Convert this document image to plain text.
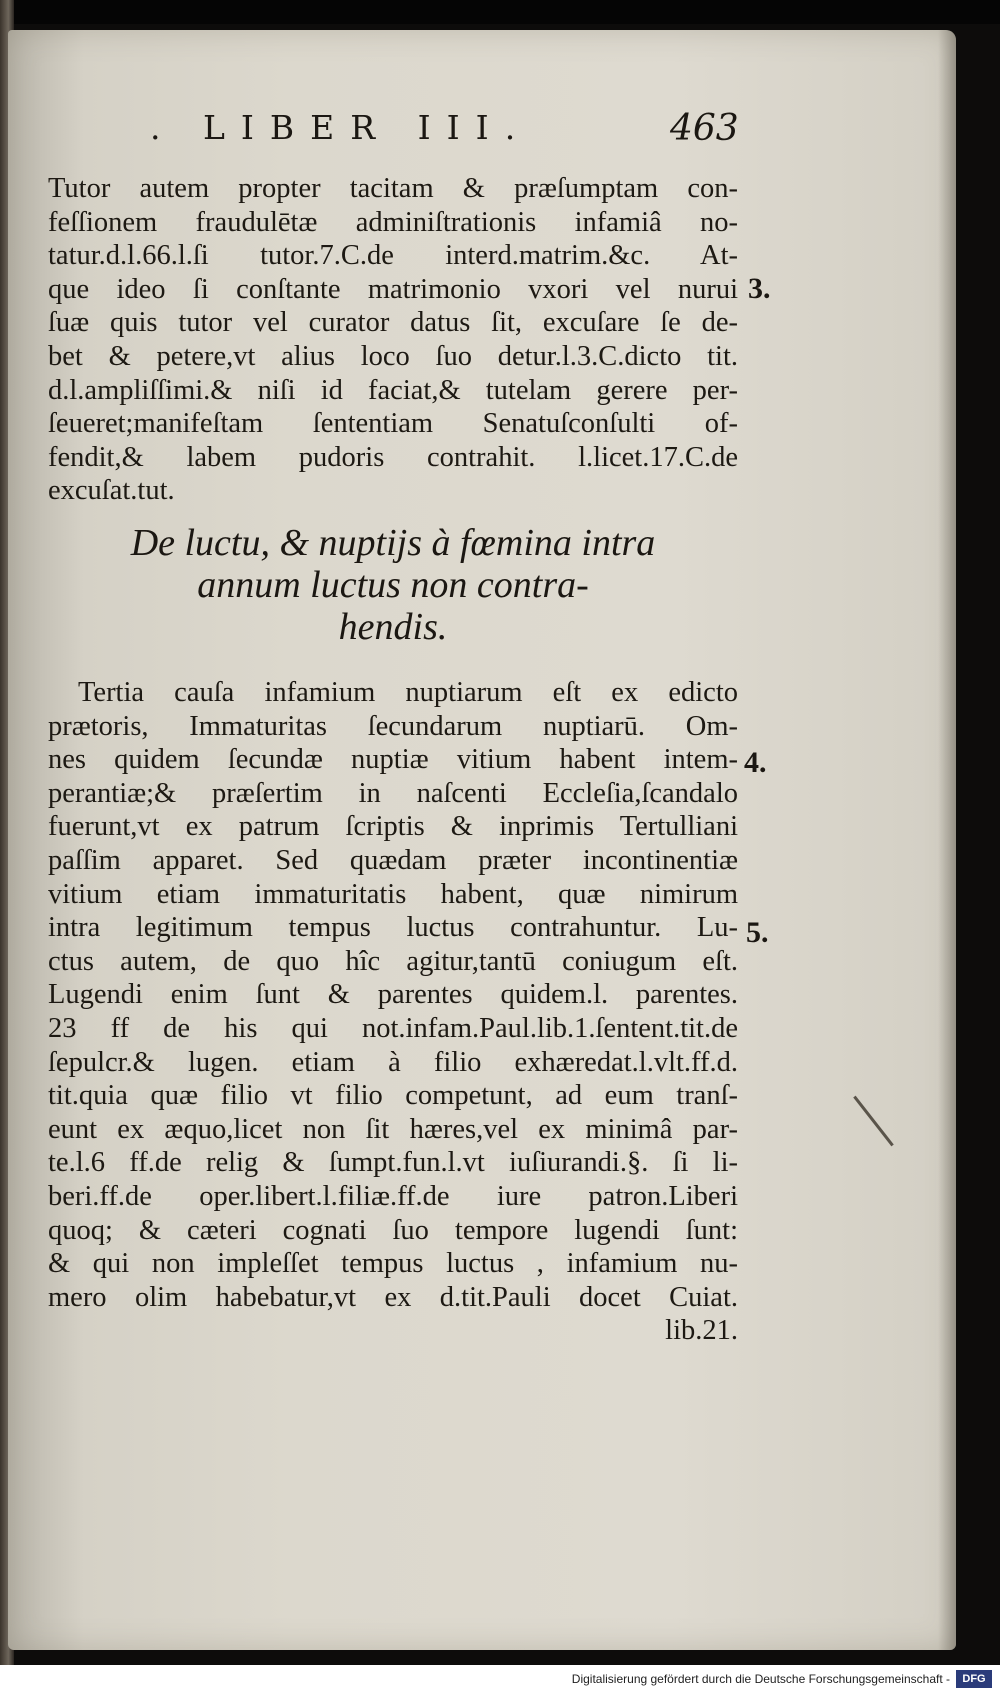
. LIBER III.	463
Tutor autem propter tacitam & præſumptam con-
feſſionem fraudulētæ adminiſtrationis infamiâ no-
tatur.d.l.66.l.ſi tutor.7.C.de interd.matrim.&c. At-
que ideo ſi conſtante matrimonio vxori vel nurui
ſuæ quis tutor vel curator datus ſit, excuſare ſe de-
bet & petere,vt alius loco ſuo detur.l.3.C.dicto tit.
d.l.ampliſſimi.& niſi id faciat,& tutelam gerere per-
ſeueret;manifeſtam ſententiam Senatuſconſulti of-
fendit,& labem pudoris contrahit. l.licet.17.C.de
excuſat.tut.
De luctu, & nuptijs à fœmina intra
annum luctus non contra-
hendis.
Tertia cauſa infamium nuptiarum eſt ex edicto
prætoris, Immaturitas ſecundarum nuptiarū. Om-
nes quidem ſecundæ nuptiæ vitium habent intem-
perantiæ;& præſertim in naſcenti Eccleſia,ſcandalo
fuerunt,vt ex patrum ſcriptis & inprimis Tertulliani
paſſim apparet. Sed quædam præter incontinentiæ
vitium etiam immaturitatis habent, quæ nimirum
intra legitimum tempus luctus contrahuntur. Lu-
ctus autem, de quo hîc agitur,tantū coniugum eſt.
Lugendi enim ſunt & parentes quidem.l. parentes.
23 ff de his qui not.infam.Paul.lib.1.ſentent.tit.de
ſepulcr.& lugen. etiam à filio exhæredat.l.vlt.ff.d.
tit.quia quæ filio vt filio competunt, ad eum tranſ-
eunt ex æquo,licet non ſit hæres,vel ex minimâ par-
te.l.6 ff.de relig & ſumpt.fun.l.vt iuſiurandi.§. ſi li-
beri.ff.de oper.libert.l.filiæ.ff.de iure patron.Liberi
quoq; & cæteri cognati ſuo tempore lugendi ſunt:
& qui non impleſſet tempus luctus , infamium nu-
mero olim habebatur,vt ex d.tit.Pauli docet Cuiat.
lib.21.
3.
4.
5.
Digitalisierung gefördert durch die Deutsche Forschungsgemeinschaft -	DFG
